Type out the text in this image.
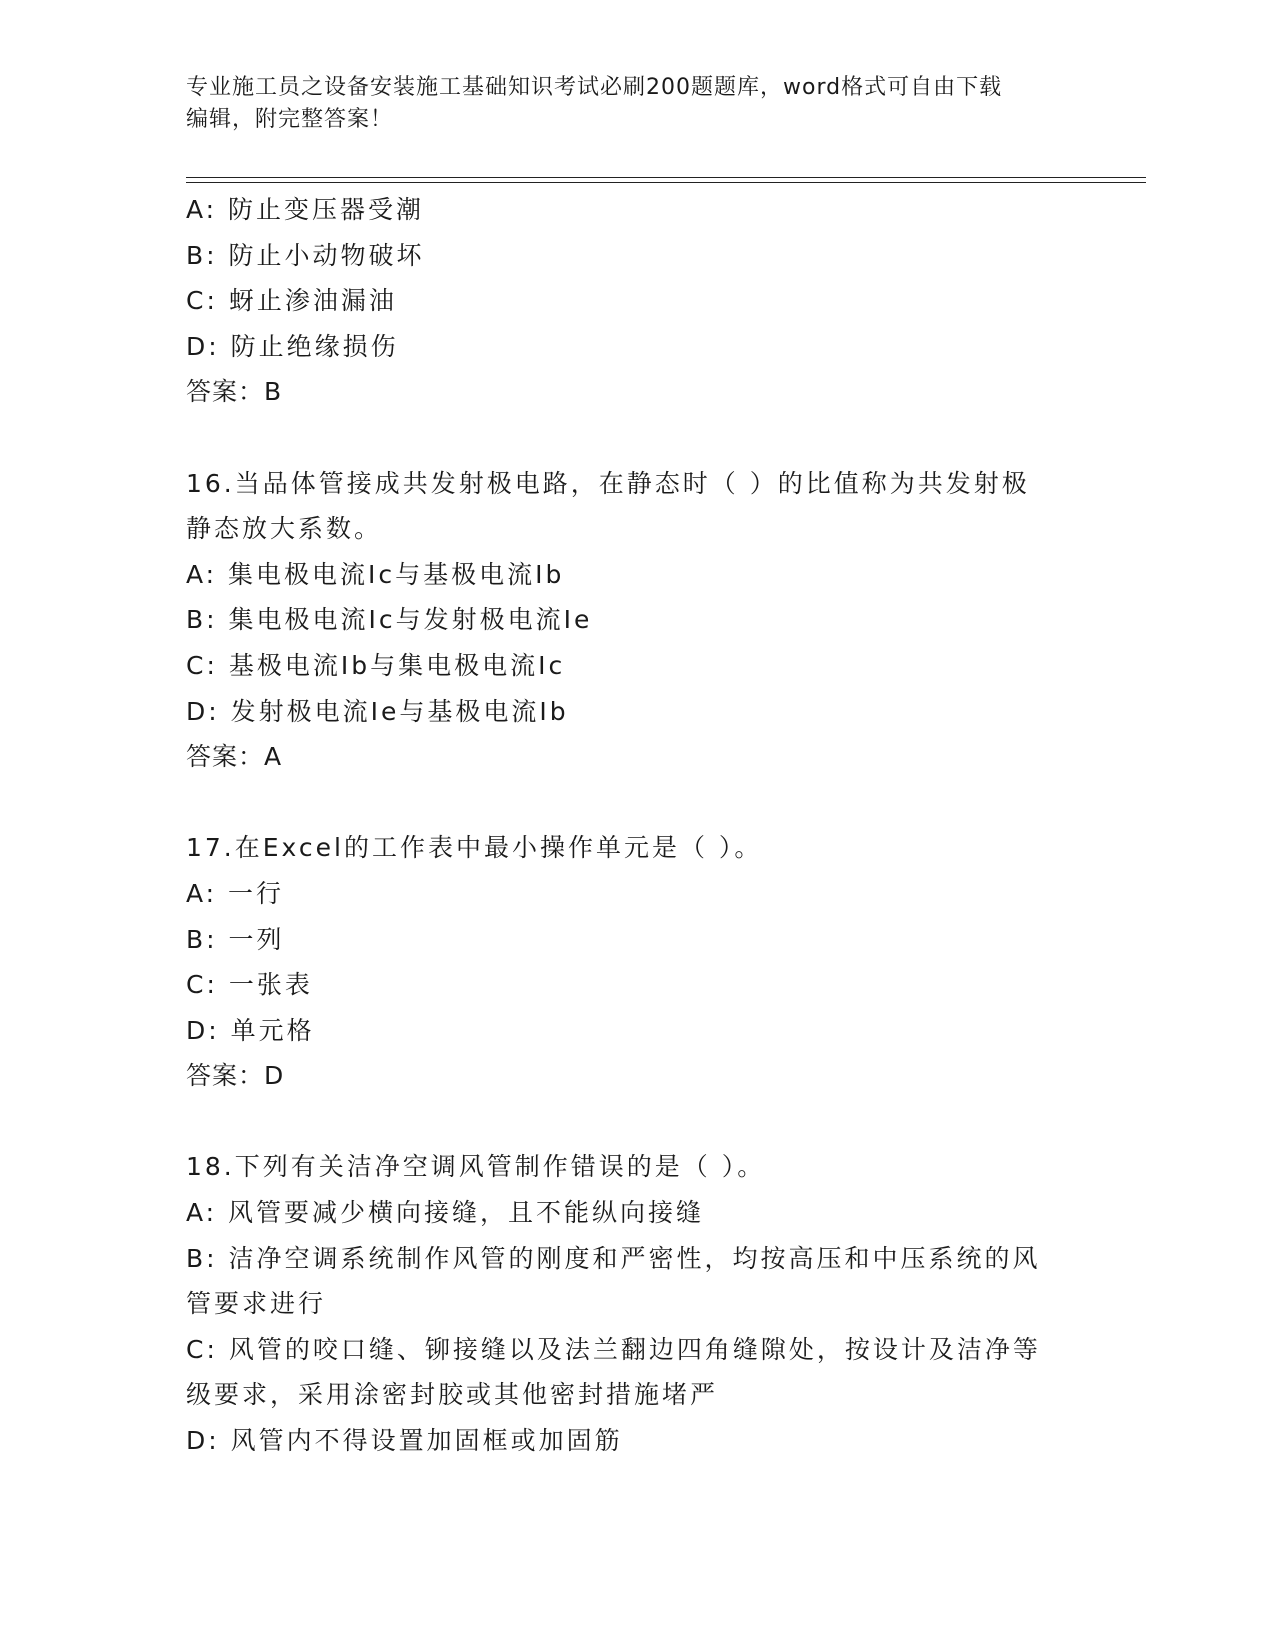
专业施工员之设备安装施工基础知识考试必刷200题题库，word格式可自由下载
编辑，附完整答案！
A: 防止变压器受潮
B: 防止小动物破坏
C: 蚜止渗油漏油
D: 防止绝缘损伤
答案：B
16.当品体管接成共发射极电路，在静态时（ ）的比值称为共发射极
静态放大系数。
A: 集电极电流Ic与基极电流Ib
B: 集电极电流Ic与发射极电流Ie
C: 基极电流Ib与集电极电流Ic
D: 发射极电流Ie与基极电流Ib
答案：A
17.在Excel的工作表中最小操作单元是（ ）。
A: 一行
B: 一列
C: 一张表
D: 单元格
答案：D
18.下列有关洁净空调风管制作错误的是（ ）。
A: 风管要减少横向接缝，且不能纵向接缝
B: 洁净空调系统制作风管的刚度和严密性，均按高压和中压系统的风
管要求进行
C: 风管的咬口缝、铆接缝以及法兰翻边四角缝隙处，按设计及洁净等
级要求，采用涂密封胶或其他密封措施堵严
D: 风管内不得设置加固框或加固筋
